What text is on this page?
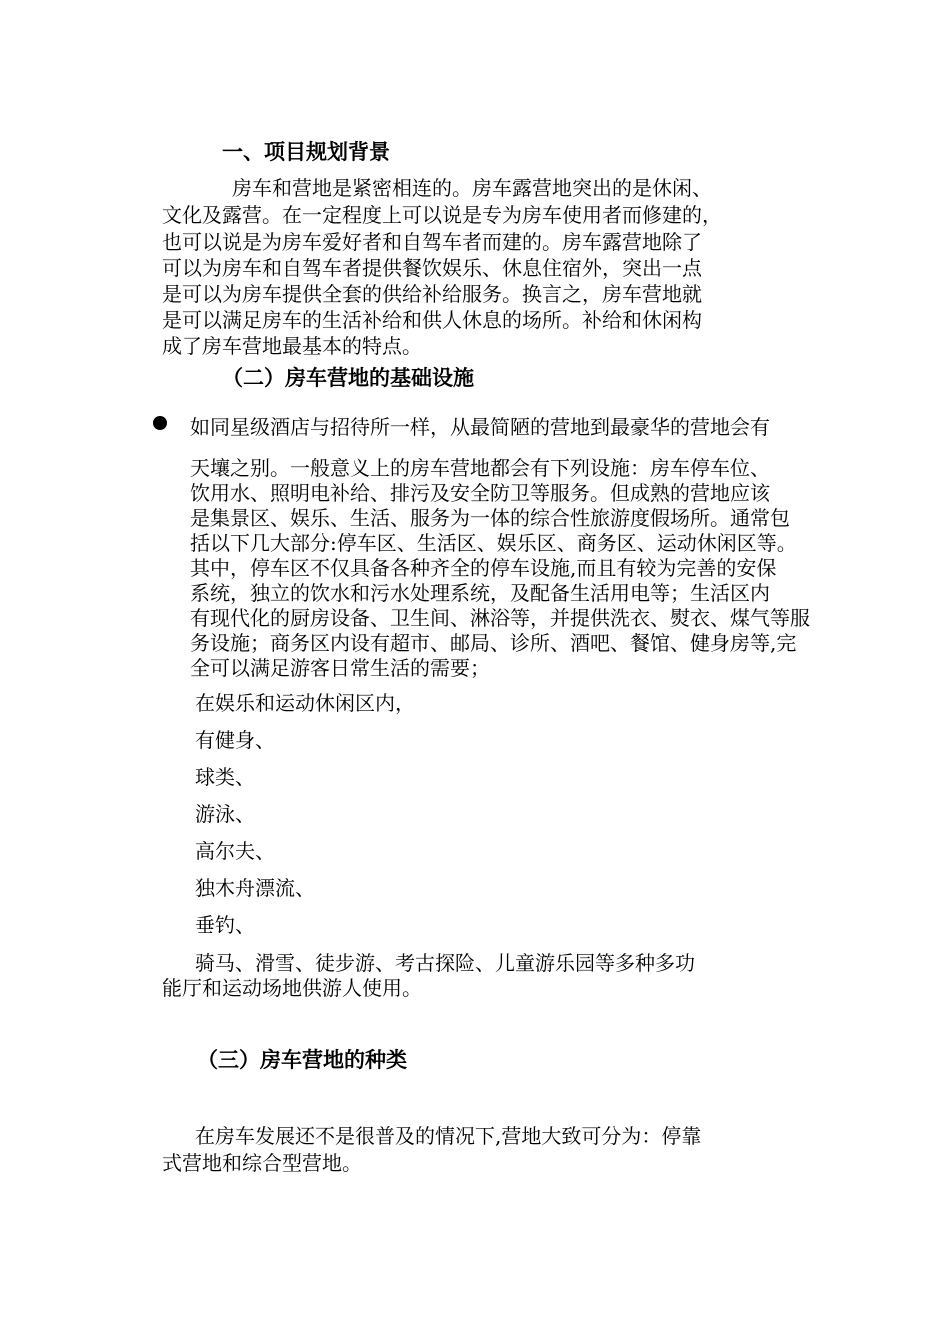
一、项目规划背景
房车和营地是紧密相连的。房车露营地突出的是休闲、
文化及露营。在一定程度上可以说是专为房车使用者而修建的，
也可以说是为房车爱好者和自驾车者而建的。房车露营地除了
可以为房车和自驾车者提供餐饮娱乐、休息住宿外，突出一点
是可以为房车提供全套的供给补给服务。换言之，房车营地就
是可以满足房车的生活补给和供人休息的场所。补给和休闲构
成了房车营地最基本的特点。
（二）房车营地的基础设施
如同星级酒店与招待所一样，从最简陋的营地到最豪华的营地会有
天壤之别。一般意义上的房车营地都会有下列设施：房车停车位、
饮用水、照明电补给、排污及安全防卫等服务。但成熟的营地应该
是集景区、娱乐、生活、服务为一体的综合性旅游度假场所。通常包
括以下几大部分:停车区、生活区、娱乐区、商务区、运动休闲区等。
其中，停车区不仅具备各种齐全的停车设施,而且有较为完善的安保
系统，独立的饮水和污水处理系统，及配备生活用电等；生活区内
有现代化的厨房设备、卫生间、淋浴等，并提供洗衣、熨衣、煤气等服
务设施；商务区内设有超市、邮局、诊所、酒吧、餐馆、健身房等,完
全可以满足游客日常生活的需要；
在娱乐和运动休闲区内，
有健身、
球类、
游泳、
高尔夫、
独木舟漂流、
垂钓、
骑马、滑雪、徒步游、考古探险、儿童游乐园等多种多功
能厅和运动场地供游人使用。
（三）房车营地的种类
在房车发展还不是很普及的情况下,营地大致可分为：停靠
式营地和综合型营地。
